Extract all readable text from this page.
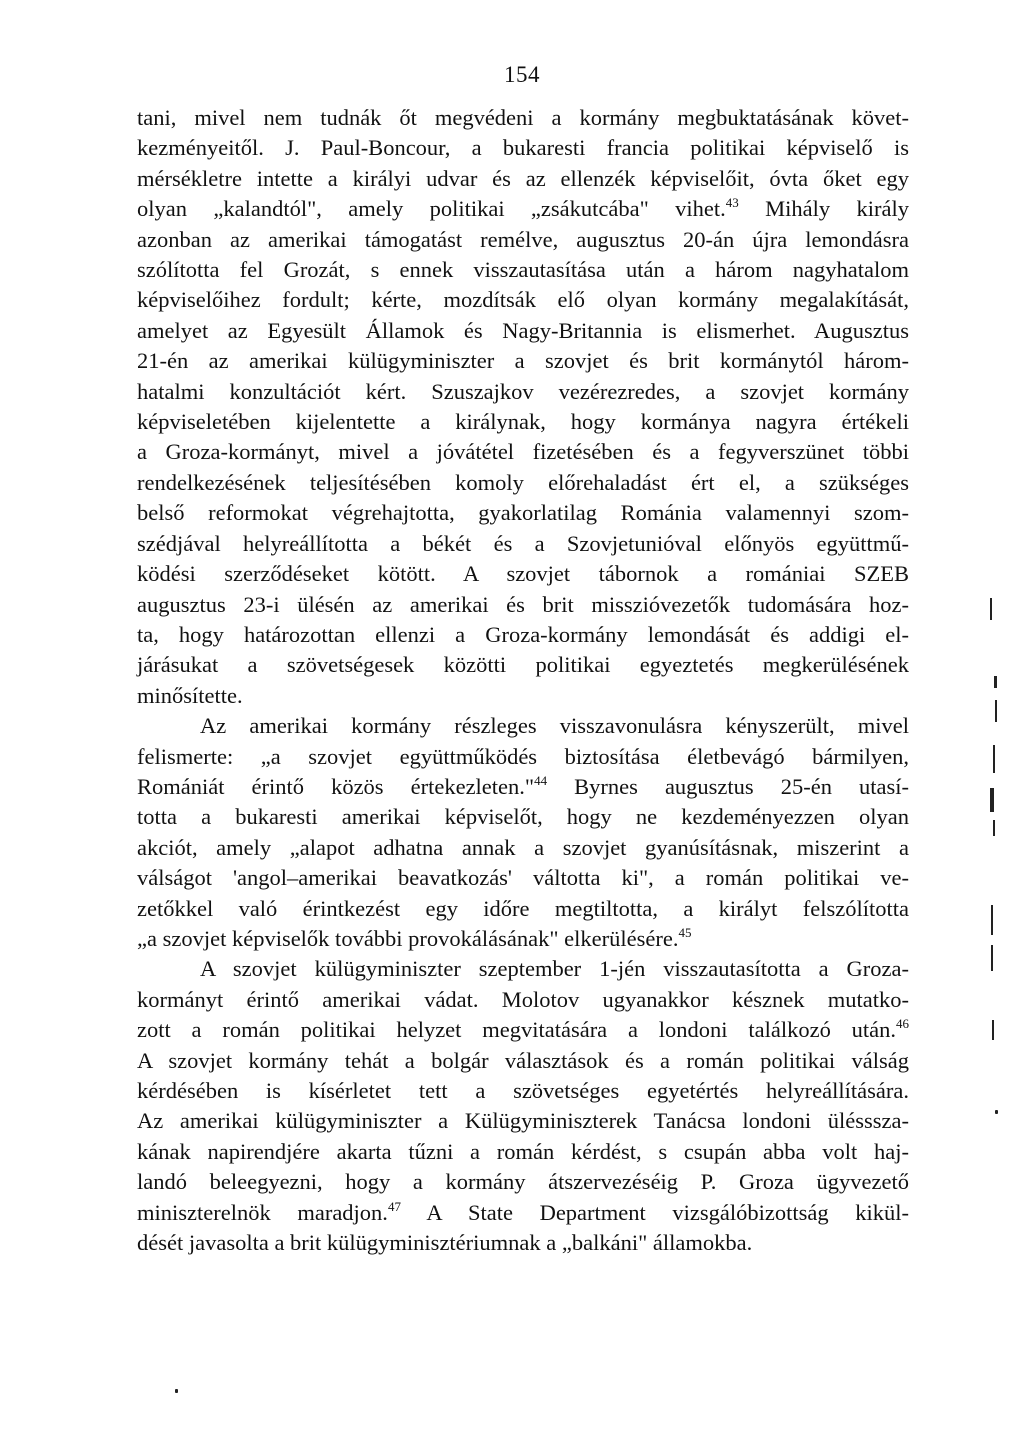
154
tani, mivel nem tudnák őt megvédeni a kormány megbuktatásának követ-
kezményeitől. J. Paul-Boncour, a bukaresti francia politikai képviselő is
mérsékletre intette a királyi udvar és az ellenzék képviselőit, óvta őket egy
olyan „kalandtól", amely politikai „zsákutcába" vihet.$^{43}$ Mihály király
azonban az amerikai támogatást remélve, augusztus 20-án újra lemondásra
szólította fel Grozát, s ennek visszautasítása után a három nagyhatalom
képviselőihez fordult; kérte, mozdítsák elő olyan kormány megalakítását,
amelyet az Egyesült Államok és Nagy-Britannia is elismerhet. Augusztus
21-én az amerikai külügyminiszter a szovjet és brit kormánytól három-
hatalmi konzultációt kért. Szuszajkov vezérezredes, a szovjet kormány
képviseletében kijelentette a királynak, hogy kormánya nagyra értékeli
a Groza-kormányt, mivel a jóvátétel fizetésében és a fegyverszünet többi
rendelkezésének teljesítésében komoly előrehaladást ért el, a szükséges
belső reformokat végrehajtotta, gyakorlatilag Románia valamennyi szom-
szédjával helyreállította a békét és a Szovjetunióval előnyös együttmű-
ködési szerződéseket kötött. A szovjet tábornok a romániai SZEB
augusztus 23-i ülésén az amerikai és brit misszióvezetők tudomására hoz-
ta, hogy határozottan ellenzi a Groza-kormány lemondását és addigi el-
járásukat a szövetségesek közötti politikai egyeztetés megkerülésének
minősítette.
Az amerikai kormány részleges visszavonulásra kényszerült, mivel
felismerte: „a szovjet együttműködés biztosítása életbevágó bármilyen,
Romániát érintő közös értekezleten."$^{44}$ Byrnes augusztus 25-én utasí-
totta a bukaresti amerikai képviselőt, hogy ne kezdeményezzen olyan
akciót, amely „alapot adhatna annak a szovjet gyanúsításnak, miszerint a
válságot 'angol–amerikai beavatkozás' váltotta ki", a román politikai ve-
zetőkkel való érintkezést egy időre megtiltotta, a királyt felszólította
„a szovjet képviselők további provokálásának" elkerülésére.$^{45}$
A szovjet külügyminiszter szeptember 1-jén visszautasította a Groza-
kormányt érintő amerikai vádat. Molotov ugyanakkor késznek mutatko-
zott a román politikai helyzet megvitatására a londoni találkozó után.$^{46}$
A szovjet kormány tehát a bolgár választások és a román politikai válság
kérdésében is kísérletet tett a szövetséges egyetértés helyreállítására.
Az amerikai külügyminiszter a Külügyminiszterek Tanácsa londoni ülésssza-
kának napirendjére akarta tűzni a román kérdést, s csupán abba volt haj-
landó beleegyezni, hogy a kormány átszervezéséig P. Groza ügyvezető
miniszterelnök maradjon.$^{47}$ A State Department vizsgálóbizottság kikül-
dését javasolta a brit külügyminisztériumnak a „balkáni" államokba.
